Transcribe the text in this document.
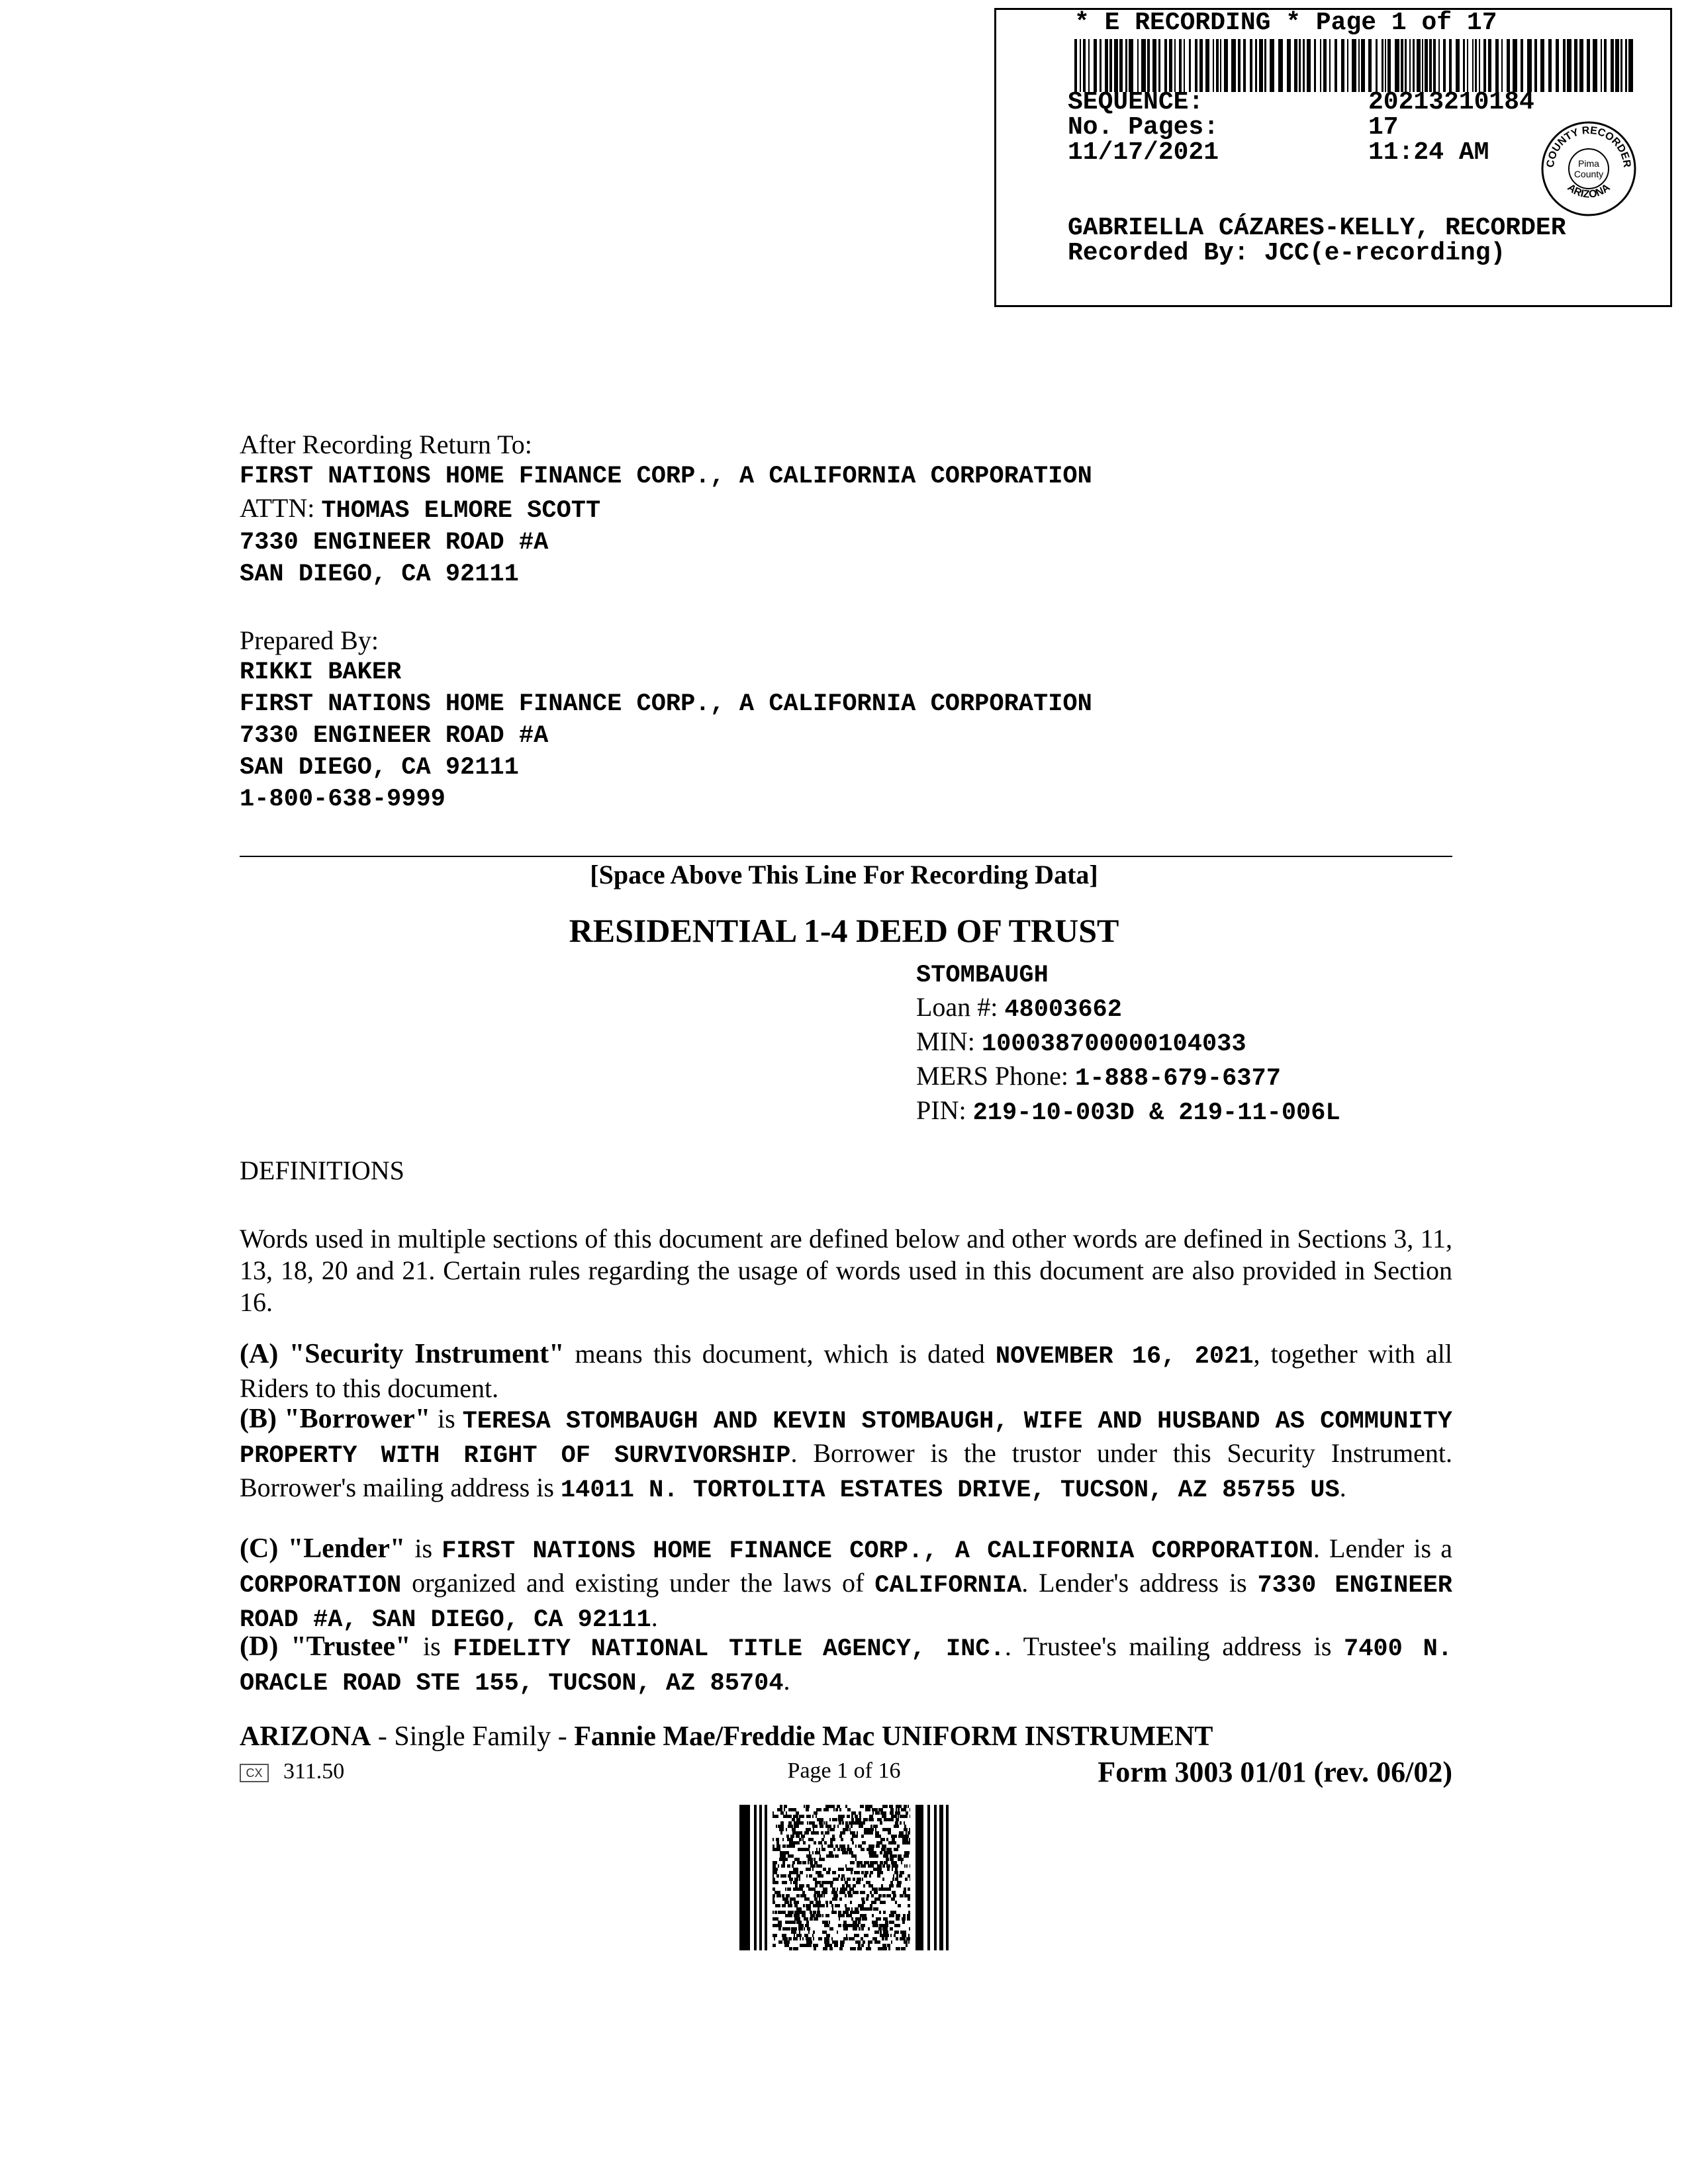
* E RECORDING * Page 1 of 17
SEQUENCE:	20213210184
No. Pages:	17
11/17/2021	11:24 AM	COUNTY RECORDER
ARIZONA
Pima
County
GABRIELLA CÁZARES-KELLY, RECORDER
Recorded By: JCC(e-recording)
After Recording Return To:
FIRST NATIONS HOME FINANCE CORP., A CALIFORNIA CORPORATION
ATTN: THOMAS ELMORE SCOTT
7330 ENGINEER ROAD #A
SAN DIEGO, CA 92111
Prepared By:
RIKKI BAKER
FIRST NATIONS HOME FINANCE CORP., A CALIFORNIA CORPORATION
7330 ENGINEER ROAD #A
SAN DIEGO, CA 92111
1-800-638-9999
[Space Above This Line For Recording Data]
RESIDENTIAL 1-4 DEED OF TRUST
STOMBAUGH
Loan #: 48003662
MIN: 100038700000104033
MERS Phone: 1-888-679-6377
PIN: 219-10-003D & 219-11-006L
DEFINITIONS
Words used in multiple sections of this document are defined below and other words are defined in Sections 3, 11, 13, 18, 20 and 21. Certain rules regarding the usage of words used in this document are also provided in Section 16.
(A) "Security Instrument" means this document, which is dated NOVEMBER 16, 2021, together with all Riders to this document.
(B) "Borrower" is TERESA STOMBAUGH AND KEVIN STOMBAUGH, WIFE AND HUSBAND AS COMMUNITY PROPERTY WITH RIGHT OF SURVIVORSHIP. Borrower is the trustor under this Security Instrument. Borrower's mailing address is 14011 N. TORTOLITA ESTATES DRIVE, TUCSON, AZ 85755 US.
(C) "Lender" is FIRST NATIONS HOME FINANCE CORP., A CALIFORNIA CORPORATION. Lender is a CORPORATION organized and existing under the laws of CALIFORNIA. Lender's address is 7330 ENGINEER ROAD #A, SAN DIEGO, CA 92111.
(D) "Trustee" is FIDELITY NATIONAL TITLE AGENCY, INC.. Trustee's mailing address is 7400 N. ORACLE ROAD STE 155, TUCSON, AZ 85704.
ARIZONA - Single Family - Fannie Mae/Freddie Mac UNIFORM INSTRUMENT
CX 311.50	Page 1 of 16	Form 3003 01/01 (rev. 06/02)
